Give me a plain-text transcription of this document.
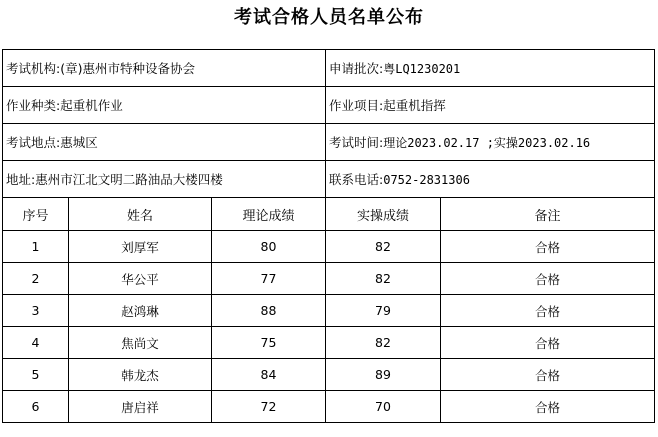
考试合格人员名单公布
考试机构:(章)惠州市特种设备协会			申请批次:粤LQ1230201	
作业种类:起重机作业			作业项目:起重机指挥	
考试地点:惠城区			考试时间:理论2023.02.17 ;实操2023.02.16	
地址:惠州市江北文明二路油品大楼四楼			联系电话:0752-2831306	
序号	姓名	理论成绩	实操成绩	备注
1	刘厚军	80	82	合格
2	华公平	77	82	合格
3	赵鸿琳	88	79	合格
4	焦尚文	75	82	合格
5	韩龙杰	84	89	合格
6	唐启祥	72	70	合格
